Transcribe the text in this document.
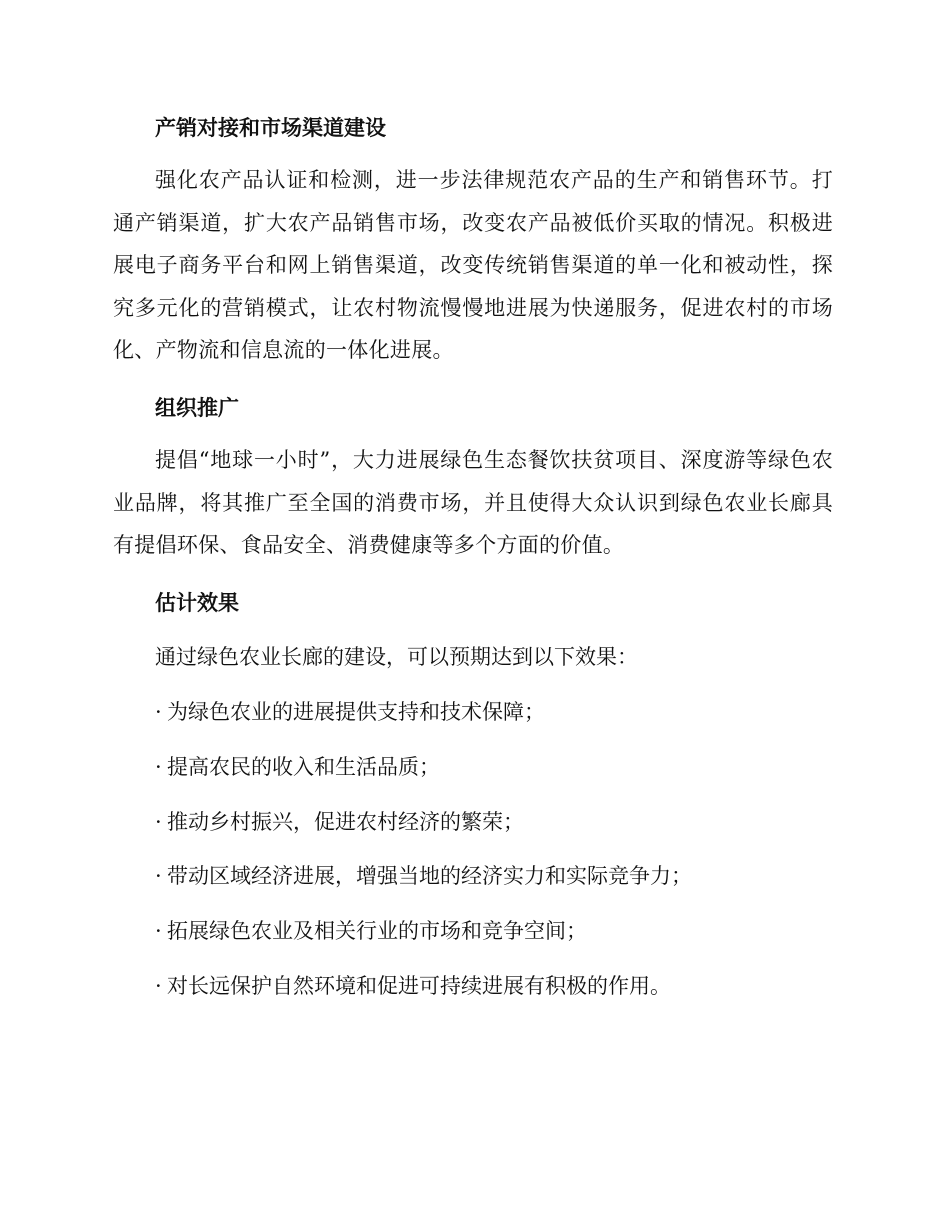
产销对接和市场渠道建设
强化农产品认证和检测，进一步法律规范农产品的生产和销售环节。打通产销渠道，扩大农产品销售市场，改变农产品被低价买取的情况。积极进展电子商务平台和网上销售渠道，改变传统销售渠道的单一化和被动性，探究多元化的营销模式，让农村物流慢慢地进展为快递服务，促进农村的市场化、产物流和信息流的一体化进展。
组织推广
提倡“地球一小时”，大力进展绿色生态餐饮扶贫项目、深度游等绿色农业品牌，将其推广至全国的消费市场，并且使得大众认识到绿色农业长廊具有提倡环保、食品安全、消费健康等多个方面的价值。
估计效果
通过绿色农业长廊的建设，可以预期达到以下效果：
· 为绿色农业的进展提供支持和技术保障；
· 提高农民的收入和生活品质；
· 推动乡村振兴，促进农村经济的繁荣；
· 带动区域经济进展，增强当地的经济实力和实际竞争力；
· 拓展绿色农业及相关行业的市场和竞争空间；
· 对长远保护自然环境和促进可持续进展有积极的作用。
